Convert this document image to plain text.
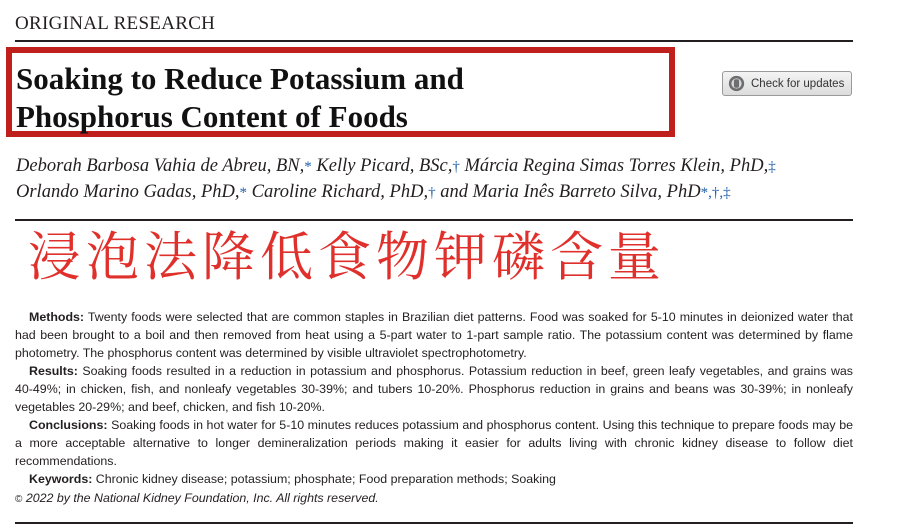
ORIGINAL RESEARCH
Soaking to Reduce Potassium and
Phosphorus Content of Foods
Check for updates
Deborah Barbosa Vahia de Abreu, BN,* Kelly Picard, BSc,† Márcia Regina Simas Torres Klein, PhD,‡
Orlando Marino Gadas, PhD,* Caroline Richard, PhD,† and Maria Inês Barreto Silva, PhD*,†,‡
浸泡法降低食物钾磷含量

Methods: Twenty foods were selected that are common staples in Brazilian diet patterns. Food was soaked for 5-10 minutes in deionized water that had been brought to a boil and then removed from heat using a 5-part water to 1-part sample ratio. The potassium content was determined by flame photometry. The phosphorus content was determined by visible ultraviolet spectrophotometry.

Results: Soaking foods resulted in a reduction in potassium and phosphorus. Potassium reduction in beef, green leafy vegetables, and grains was 40-49%; in chicken, fish, and nonleafy vegetables 30-39%; and tubers 10-20%. Phosphorus reduction in grains and beans was 30-39%; in nonleafy vegetables 20-29%; and beef, chicken, and fish 10-20%.

Conclusions: Soaking foods in hot water for 5-10 minutes reduces potassium and phosphorus content. Using this technique to prepare foods may be a more acceptable alternative to longer demineralization periods making it easier for adults living with chronic kidney disease to follow diet recommendations.

Keywords: Chronic kidney disease; potassium; phosphate; Food preparation methods; Soaking

© 2022 by the National Kidney Foundation, Inc. All rights reserved.
